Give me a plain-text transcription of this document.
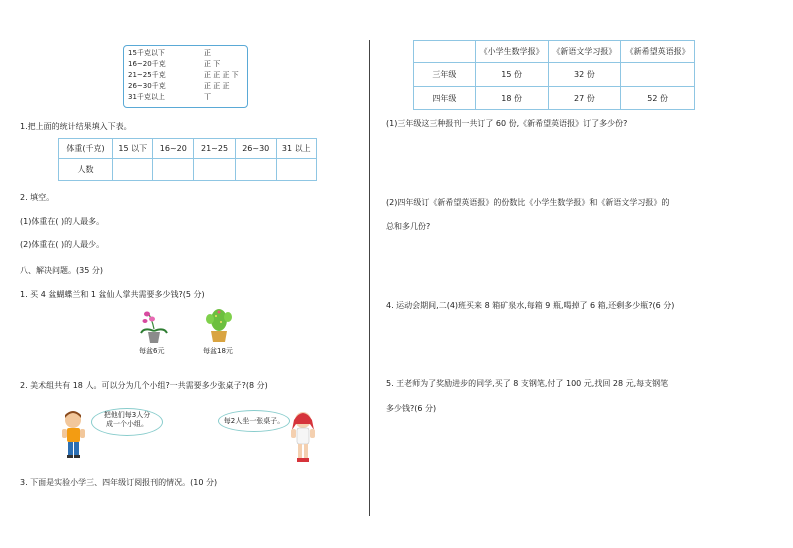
15千克以下	正
16~20千克	正 下
21~25千克	正 正 正 下
26~30千克	正 正 正
31千克以上	丅
1.把上面的统计结果填入下表。
体重(千克)	15 以下	16~20	21~25	26~30	31 以上
人数					
2. 填空。
(1)体重在( )的人最多。
(2)体重在( )的人最少。
八、解决问题。(35 分)
1. 买 4 盆蝴蝶兰和 1 盆仙人掌共需要多少钱?(5 分)
每盆6元	每盆18元
2. 美术组共有 18 人。可以分为几个小组?一共需要多少张桌子?(8 分)
把他们每3人分成一个小组。	每2人坐一张桌子。
3. 下面是实验小学三、四年级订阅报刊的情况。(10 分)
	《小学生数学报》	《新语文学习报》	《新希望英语报》
三年级	15 份	32 份	
四年级	18 份	27 份	52 份
(1)三年级这三种报刊一共订了 60 份,《新希望英语报》订了多少份?
(2)四年级订《新希望英语报》的份数比《小学生数学报》和《新语文学习报》的
总和多几份?
4. 运动会期间,二(4)班买来 8 箱矿泉水,每箱 9 瓶,喝掉了 6 箱,还剩多少瓶?(6 分)
5. 王老师为了奖励进步的同学,买了 8 支钢笔,付了 100 元,找回 28 元,每支钢笔
多少钱?(6 分)
